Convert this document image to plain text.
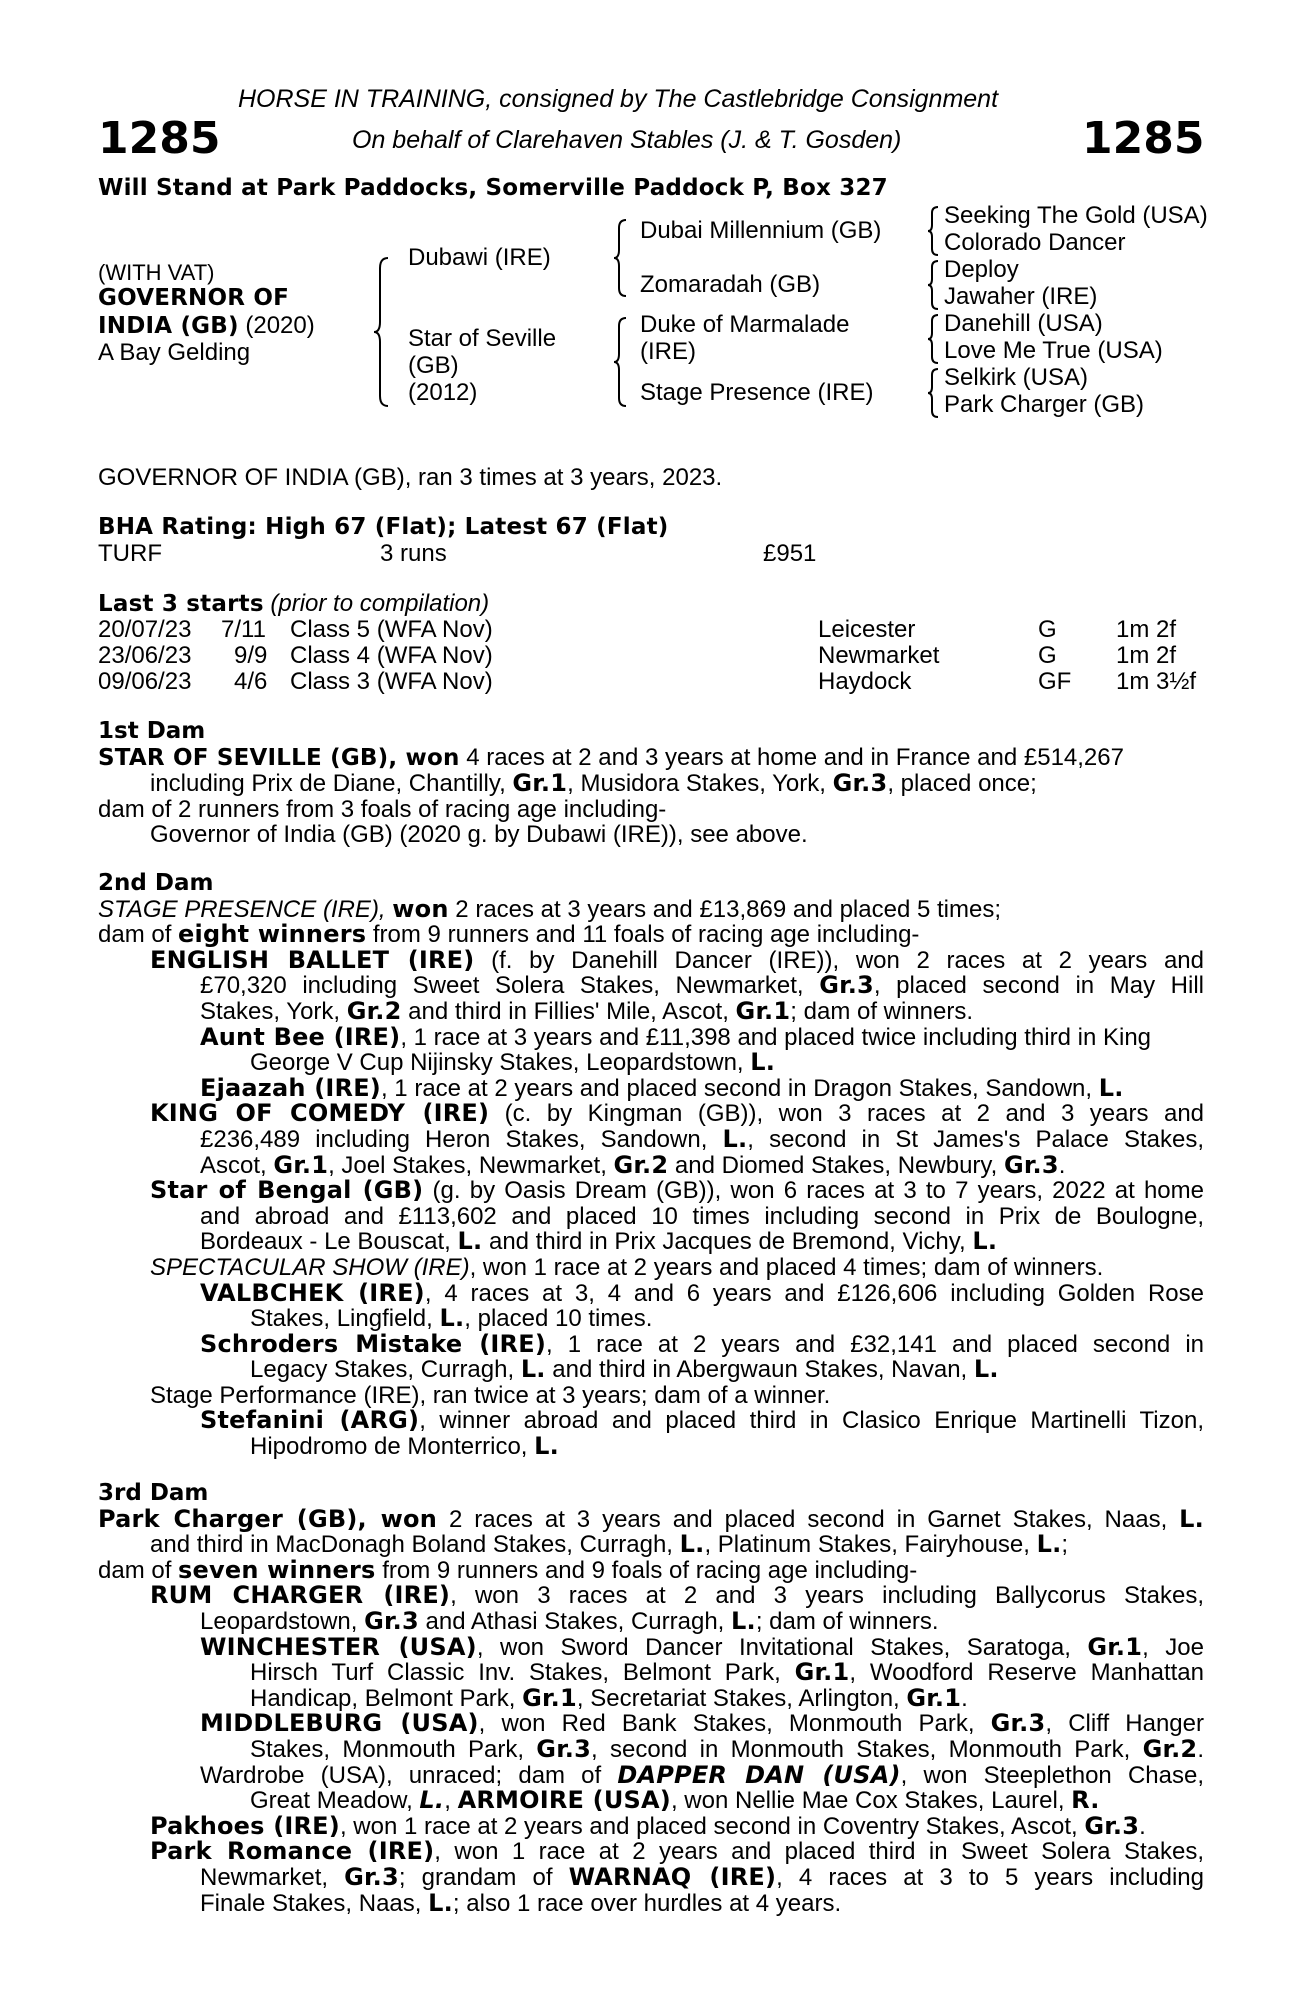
1285	1285
HORSE IN TRAINING, consigned by The Castlebridge Consignment
On behalf of Clarehaven Stables (J. & T. Gosden)
Will Stand at Park Paddocks, Somerville Paddock P, Box 327
(WITH VAT)
GOVERNOR OF
INDIA (GB) (2020)
A Bay Gelding
Dubawi (IRE)
Star of Seville
(GB)
(2012)
Dubai Millennium (GB)
Zomaradah (GB)
Duke of Marmalade
(IRE)
Stage Presence (IRE)
Seeking The Gold (USA)
Colorado Dancer
Deploy
Jawaher (IRE)
Danehill (USA)
Love Me True (USA)
Selkirk (USA)
Park Charger (GB)
GOVERNOR OF INDIA (GB), ran 3 times at 3 years, 2023.
BHA Rating: High 67 (Flat); Latest 67 (Flat)
TURF	3 runs	£951
Last 3 starts (prior to compilation)
20/07/23 7/11 Class 5 (WFA Nov)	Leicester	G 1m 2f
23/06/23 9/9 Class 4 (WFA Nov)	Newmarket	G 1m 2f
09/06/23 4/6 Class 3 (WFA Nov)	Haydock	GF 1m 3½f
1st Dam
STAR OF SEVILLE (GB), won 4 races at 2 and 3 years at home and in France and £514,267
including Prix de Diane, Chantilly, Gr.1, Musidora Stakes, York, Gr.3, placed once;
dam of 2 runners from 3 foals of racing age including-
Governor of India (GB) (2020 g. by Dubawi (IRE)), see above.
2nd Dam
STAGE PRESENCE (IRE), won 2 races at 3 years and £13,869 and placed 5 times;
dam of eight winners from 9 runners and 11 foals of racing age including-
ENGLISH BALLET (IRE) (f. by Danehill Dancer (IRE)), won 2 races at 2 years and
£70,320 including Sweet Solera Stakes, Newmarket, Gr.3, placed second in May Hill
Stakes, York, Gr.2 and third in Fillies' Mile, Ascot, Gr.1; dam of winners.
Aunt Bee (IRE), 1 race at 3 years and £11,398 and placed twice including third in King
George V Cup Nijinsky Stakes, Leopardstown, L.
Ejaazah (IRE), 1 race at 2 years and placed second in Dragon Stakes, Sandown, L.
KING OF COMEDY (IRE) (c. by Kingman (GB)), won 3 races at 2 and 3 years and
£236,489 including Heron Stakes, Sandown, L., second in St James's Palace Stakes,
Ascot, Gr.1, Joel Stakes, Newmarket, Gr.2 and Diomed Stakes, Newbury, Gr.3.
Star of Bengal (GB) (g. by Oasis Dream (GB)), won 6 races at 3 to 7 years, 2022 at home
and abroad and £113,602 and placed 10 times including second in Prix de Boulogne,
Bordeaux - Le Bouscat, L. and third in Prix Jacques de Bremond, Vichy, L.
SPECTACULAR SHOW (IRE), won 1 race at 2 years and placed 4 times; dam of winners.
VALBCHEK (IRE), 4 races at 3, 4 and 6 years and £126,606 including Golden Rose
Stakes, Lingfield, L., placed 10 times.
Schroders Mistake (IRE), 1 race at 2 years and £32,141 and placed second in
Legacy Stakes, Curragh, L. and third in Abergwaun Stakes, Navan, L.
Stage Performance (IRE), ran twice at 3 years; dam of a winner.
Stefanini (ARG), winner abroad and placed third in Clasico Enrique Martinelli Tizon,
Hipodromo de Monterrico, L.
3rd Dam
Park Charger (GB), won 2 races at 3 years and placed second in Garnet Stakes, Naas, L.
and third in MacDonagh Boland Stakes, Curragh, L., Platinum Stakes, Fairyhouse, L.;
dam of seven winners from 9 runners and 9 foals of racing age including-
RUM CHARGER (IRE), won 3 races at 2 and 3 years including Ballycorus Stakes,
Leopardstown, Gr.3 and Athasi Stakes, Curragh, L.; dam of winners.
WINCHESTER (USA), won Sword Dancer Invitational Stakes, Saratoga, Gr.1, Joe
Hirsch Turf Classic Inv. Stakes, Belmont Park, Gr.1, Woodford Reserve Manhattan
Handicap, Belmont Park, Gr.1, Secretariat Stakes, Arlington, Gr.1.
MIDDLEBURG (USA), won Red Bank Stakes, Monmouth Park, Gr.3, Cliff Hanger
Stakes, Monmouth Park, Gr.3, second in Monmouth Stakes, Monmouth Park, Gr.2.
Wardrobe (USA), unraced; dam of DAPPER DAN (USA), won Steeplethon Chase,
Great Meadow, L., ARMOIRE (USA), won Nellie Mae Cox Stakes, Laurel, R.
Pakhoes (IRE), won 1 race at 2 years and placed second in Coventry Stakes, Ascot, Gr.3.
Park Romance (IRE), won 1 race at 2 years and placed third in Sweet Solera Stakes,
Newmarket, Gr.3; grandam of WARNAQ (IRE), 4 races at 3 to 5 years including
Finale Stakes, Naas, L.; also 1 race over hurdles at 4 years.
